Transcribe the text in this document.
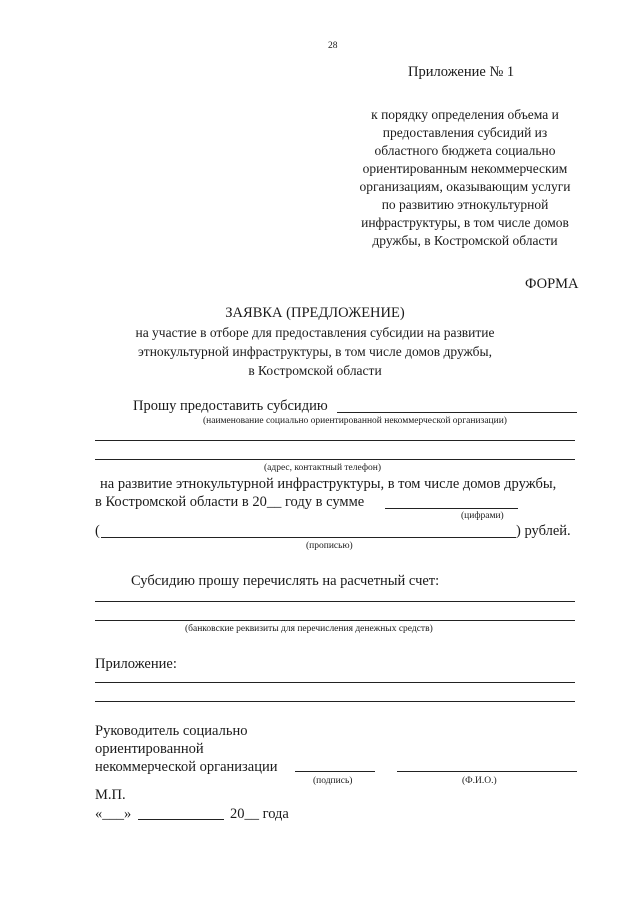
28
Приложение № 1
к порядку определения объема и
предоставления субсидий из
областного бюджета социально
ориентированным некоммерческим
организациям, оказывающим услуги
по развитию этнокультурной
инфраструктуры, в том числе домов
дружбы, в Костромской области
ФОРМА
ЗАЯВКА (ПРЕДЛОЖЕНИЕ)
на участие в отборе для предоставления субсидии на развитие
этнокультурной инфраструктуры, в том числе домов дружбы,
в Костромской области
Прошу предоставить субсидию
(наименование социально ориентированной некоммерческой организации)
(адрес, контактный телефон)
на развитие этнокультурной инфраструктуры, в том числе домов дружбы,
в Костромской области в 20__ году в сумме
(цифрами)
(	) рублей.
(прописью)
Субсидию прошу перечислять на расчетный счет:
(банковские реквизиты для перечисления денежных средств)
Приложение:
Руководитель социально
ориентированной
некоммерческой организации
(подпись)	(Ф.И.О.)
М.П.
«___»	20__ года
